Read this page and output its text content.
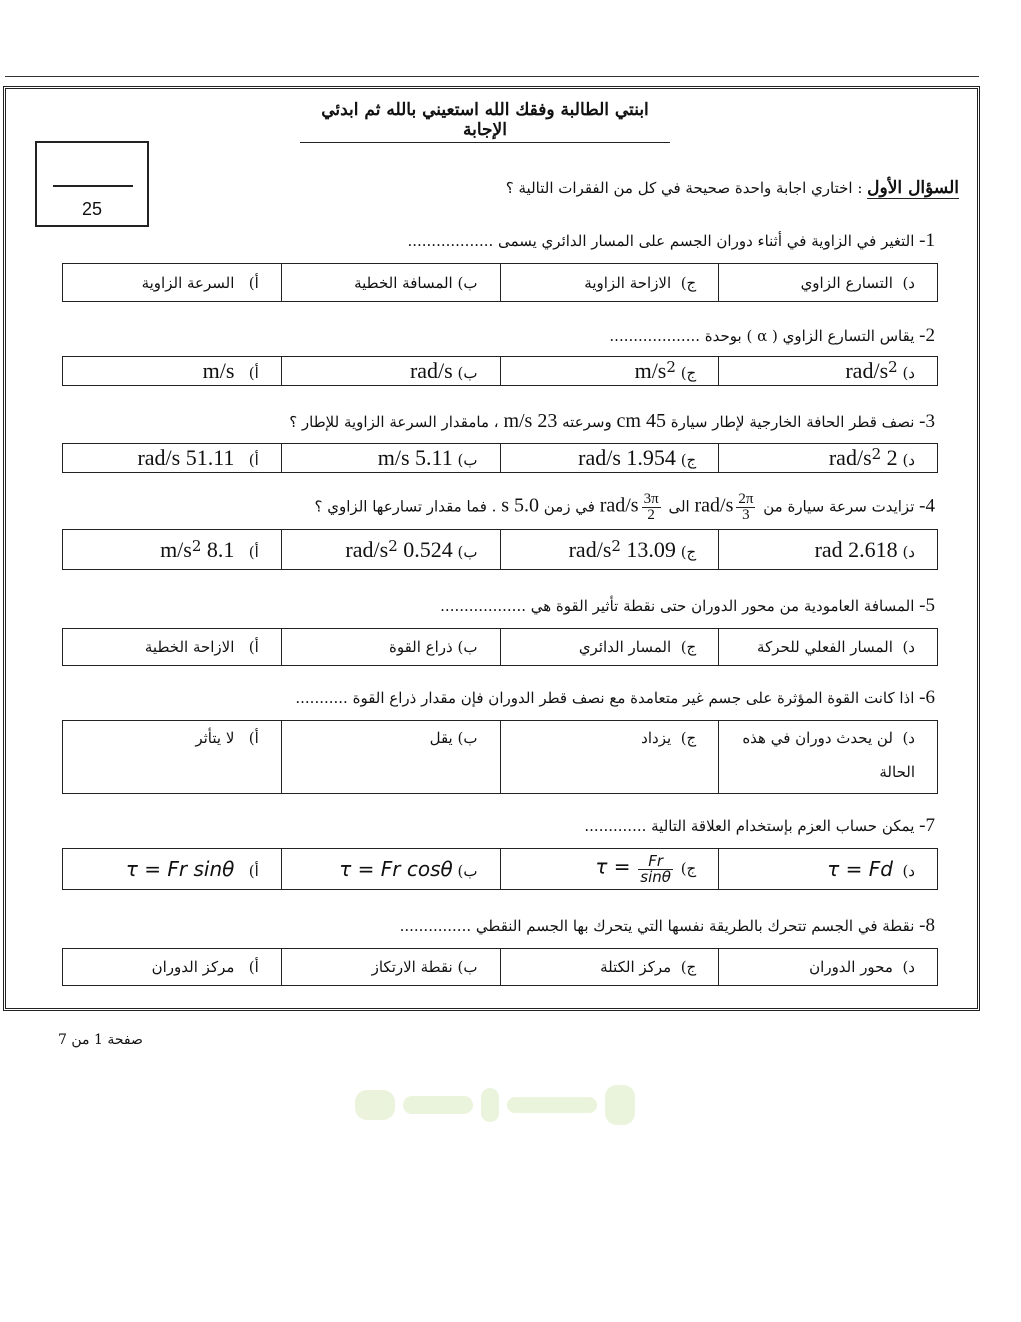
ابنتي الطالبة وفقك الله استعيني بالله ثم ابدئي الإجابة
25
السؤال الأول : اختاري اجابة واحدة صحيحة في كل من الفقرات التالية ؟
1- التغير في الزاوية في أثناء دوران الجسم على المسار الدائري يسمى ..................
أ)   السرعة الزاوية	ب) المسافة الخطية	ج)  الازاحة الزاوية	د)  التسارع الزاوي
2- يقاس التسارع الزاوي ( α ) بوحدة ...................
أ)   m/s	ب) rad/s	ج) $m/s^2$	د) rad/$s^2$
3- نصف قطر الحافة الخارجية لإطار سيارة 45 cm وسرعته 23 m/s ، مامقدار السرعة الزاوية للإطار ؟
أ)   51.11 rad/s	ب) 5.11 m/s	ج) 1.954 rad/s	د) 2 rad/$s^2$
4- تزايدت سرعة سيارة من
$\frac{2\pi}{3}$
rad/s الى
$\frac{3\pi}{2}$
rad/s في زمن 5.0 s . فما مقدار تسارعها الزاوي ؟
أ)   8.1 $m/s^2$	ب) 0.524 rad/$s^2$	ج) 13.09 rad/$s^2$	د) 2.618 rad
5- المسافة العامودية من محور الدوران حتى نقطة تأثير القوة هي ..................
أ)   الازاحة الخطية	ب) ذراع القوة	ج)  المسار الدائري	د)  المسار الفعلي للحركة
6- اذا كانت القوة المؤثرة على جسم غير متعامدة مع نصف قطر الدوران فإن مقدار ذراع القوة ...........
أ)   لا يتأثر	ب) يقل	ج)  يزداد	د)  لن يحدث دوران في هذه الحالة
7- يمكن حساب العزم بإستخدام العلاقة التالية .............
أ)   τ = Fr sinθ	ب) τ = Fr cosθ	ج) $\tau = \frac{Fr}{\sin\theta}$	د)  τ = Fd
8- نقطة في الجسم تتحرك بالطريقة نفسها التي يتحرك بها الجسم النقطي ...............
أ)   مركز الدوران	ب) نقطة الارتكاز	ج)  مركز الكتلة	د)  محور الدوران
صفحة 1 من 7
